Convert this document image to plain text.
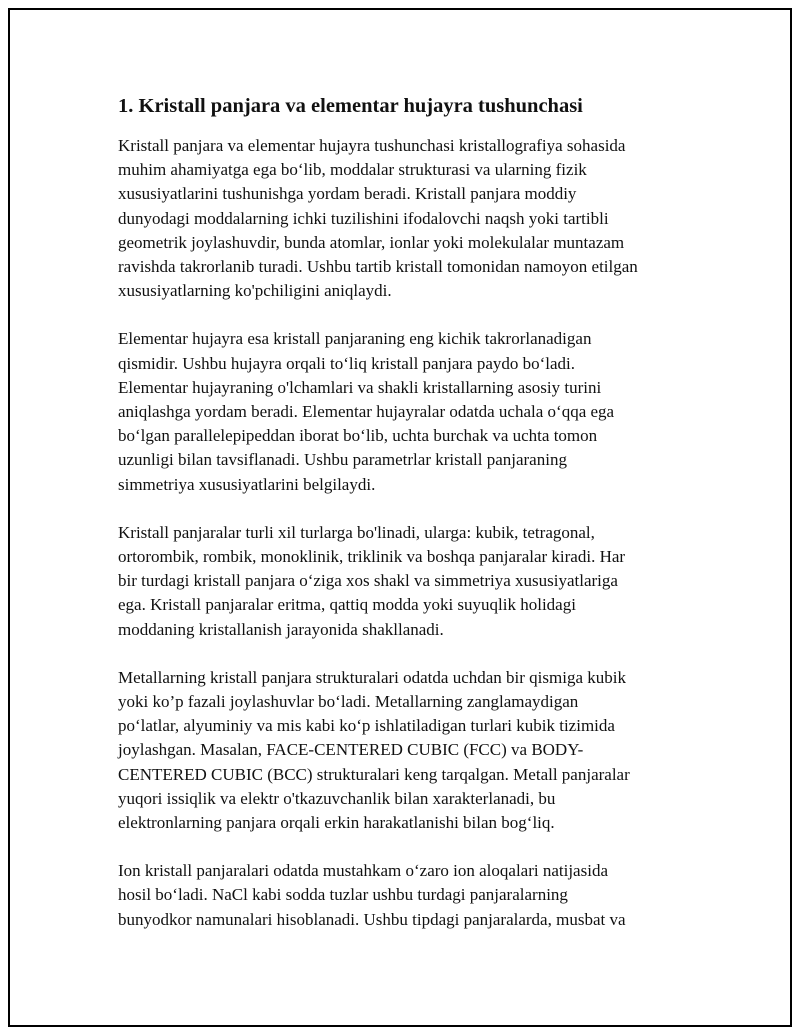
1. Kristall panjara va elementar hujayra tushunchasi

Kristall panjara va elementar hujayra tushunchasi kristallografiya sohasida
muhim ahamiyatga ega bo‘lib, moddalar strukturasi va ularning fizik
xususiyatlarini tushunishga yordam beradi. Kristall panjara moddiy
dunyodagi moddalarning ichki tuzilishini ifodalovchi naqsh yoki tartibli
geometrik joylashuvdir, bunda atomlar, ionlar yoki molekulalar muntazam
ravishda takrorlanib turadi. Ushbu tartib kristall tomonidan namoyon etilgan
xususiyatlarning ko'pchiligini aniqlaydi.

Elementar hujayra esa kristall panjaraning eng kichik takrorlanadigan
qismidir. Ushbu hujayra orqali to‘liq kristall panjara paydo bo‘ladi.
Elementar hujayraning o'lchamlari va shakli kristallarning asosiy turini
aniqlashga yordam beradi. Elementar hujayralar odatda uchala o‘qqa ega
bo‘lgan parallelepipeddan iborat bo‘lib, uchta burchak va uchta tomon
uzunligi bilan tavsiflanadi. Ushbu parametrlar kristall panjaraning
simmetriya xususiyatlarini belgilaydi.

Kristall panjaralar turli xil turlarga bo'linadi, ularga: kubik, tetragonal,
ortorombik, rombik, monoklinik, triklinik va boshqa panjaralar kiradi. Har
bir turdagi kristall panjara o‘ziga xos shakl va simmetriya xususiyatlariga
ega. Kristall panjaralar eritma, qattiq modda yoki suyuqlik holidagi
moddaning kristallanish jarayonida shakllanadi.

Metallarning kristall panjara strukturalari odatda uchdan bir qismiga kubik
yoki ko’p fazali joylashuvlar bo‘ladi. Metallarning zanglamaydigan
po‘latlar, alyuminiy va mis kabi ko‘p ishlatiladigan turlari kubik tizimida
joylashgan. Masalan, FACE-CENTERED CUBIC (FCC) va BODY-
CENTERED CUBIC (BCC) strukturalari keng tarqalgan. Metall panjaralar
yuqori issiqlik va elektr o'tkazuvchanlik bilan xarakterlanadi, bu
elektronlarning panjara orqali erkin harakatlanishi bilan bog‘liq.

Ion kristall panjaralari odatda mustahkam o‘zaro ion aloqalari natijasida
hosil bo‘ladi. NaCl kabi sodda tuzlar ushbu turdagi panjaralarning
bunyodkor namunalari hisoblanadi. Ushbu tipdagi panjaralarda, musbat va
